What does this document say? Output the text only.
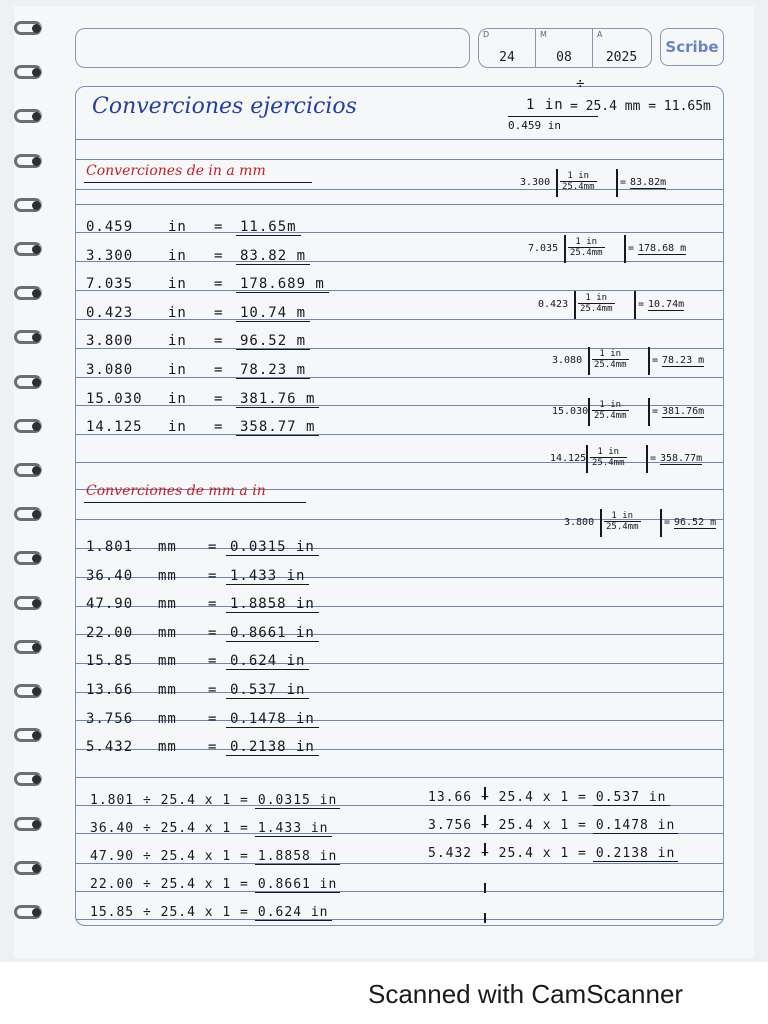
D
24
M
08
A
2025
Scribe
Converciones ejercicios	1 in
÷
= 25.4 mm = 11.65m
0.459 in
Converciones de in a mm
0.459 in = 11.65m
3.300 in = 83.82 m
7.035 in = 178.689 m
0.423 in = 10.74 m
3.800 in = 96.52 m
3.080 in = 78.23 m
15.030 in = 381.76 m
14.125 in = 358.77 m
$3.300 \frac{1 in}{25.4mm} = 83.82m$
$7.035 \frac{1 in}{25.4mm} = 178.68$ m
$0.423 \frac{1 in}{25.4mm} = 10.74m$
$3.080 \frac{1 in}{25.4mm} = 78.23$ m
$15.030 \frac{1 in}{25.4mm} = 381.76m$
$14.125 \frac{1 in}{25.4mm} = 358.77m$
$3.800 \frac{1 in}{25.4mm} = 96.52$ m
Converciones de mm a in
1.801 mm = 0.0315 in
36.40 mm = 1.433 in
47.90 mm = 1.8858 in
22.00 mm = 0.8661 in
15.85 mm = 0.624 in
13.66 mm = 0.537 in
3.756 mm = 0.1478 in
5.432 mm = 0.2138 in
1.801 ÷ 25.4 x 1 = 0.0315 in
36.40 ÷ 25.4 x 1 = 1.433 in
47.90 ÷ 25.4 x 1 = 1.8858 in
22.00 ÷ 25.4 x 1 = 0.8661 in
15.85 ÷ 25.4 x 1 = 0.624 in
13.66 ÷ 25.4 x 1 = 0.537 in
3.756 ÷ 25.4 x 1 = 0.1478 in
5.432 ÷ 25.4 x 1 = 0.2138 in
Scanned with CamScanner
